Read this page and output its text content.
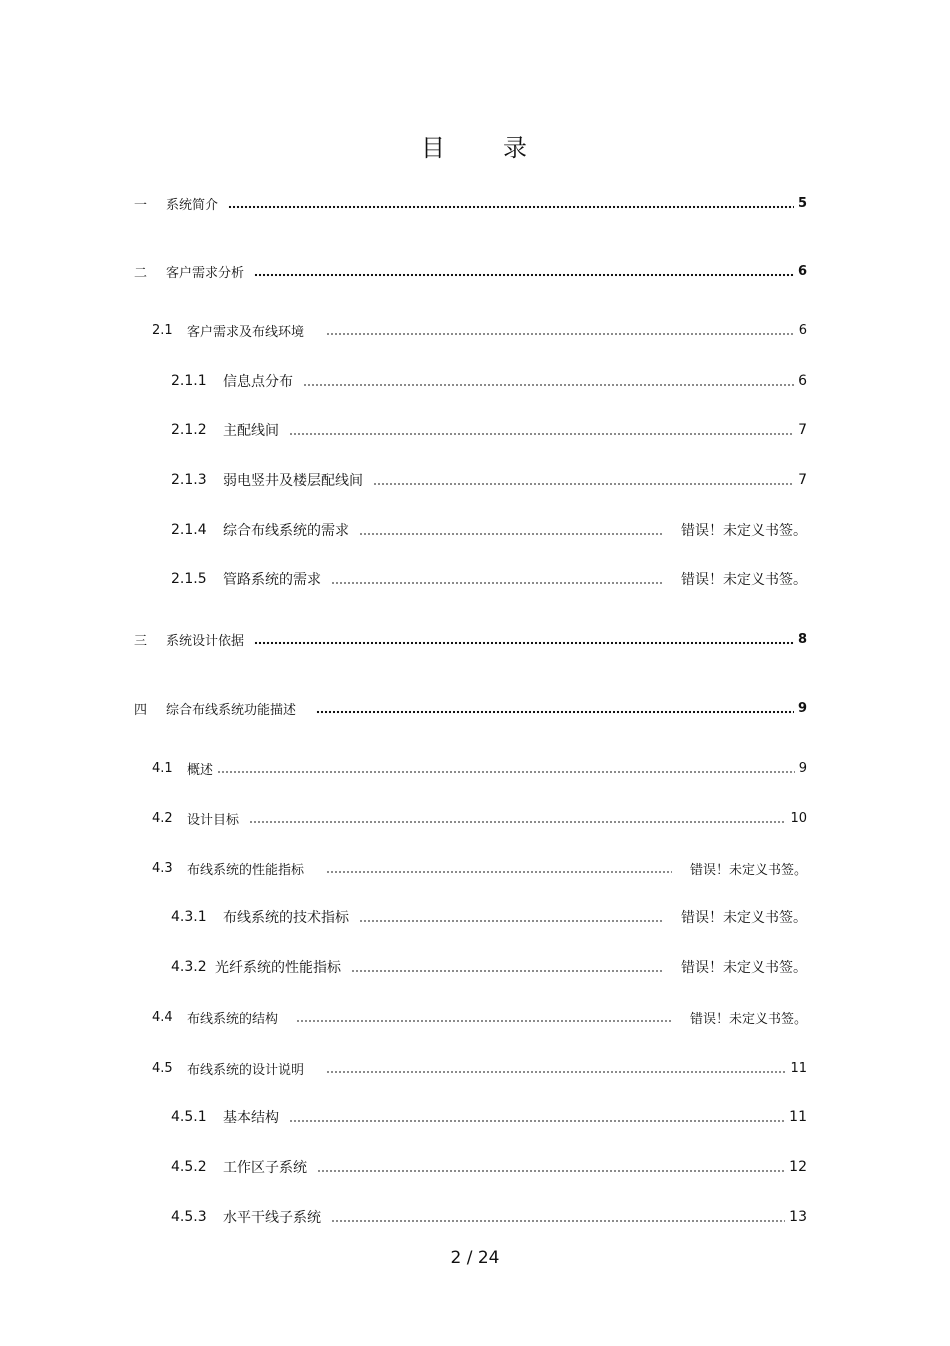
目 录
一	系统简介	5
二	客户需求分析	6
2.1	客户需求及布线环境	6
2.1.1	信息点分布	6
2.1.2	主配线间	7
2.1.3	弱电竖井及楼层配线间	7
2.1.4	综合布线系统的需求	错误！未定义书签。
2.1.5	管路系统的需求	错误！未定义书签。
三	系统设计依据	8
四	综合布线系统功能描述	9
4.1	概述	9
4.2	设计目标	10
4.3	布线系统的性能指标	错误！未定义书签。
4.3.1	布线系统的技术指标	错误！未定义书签。
4.3.2 光纤系统的性能指标	错误！未定义书签。
4.4	布线系统的结构	错误！未定义书签。
4.5	布线系统的设计说明	11
4.5.1	基本结构	11
4.5.2	工作区子系统	12
4.5.3	水平干线子系统	13
2 / 24
